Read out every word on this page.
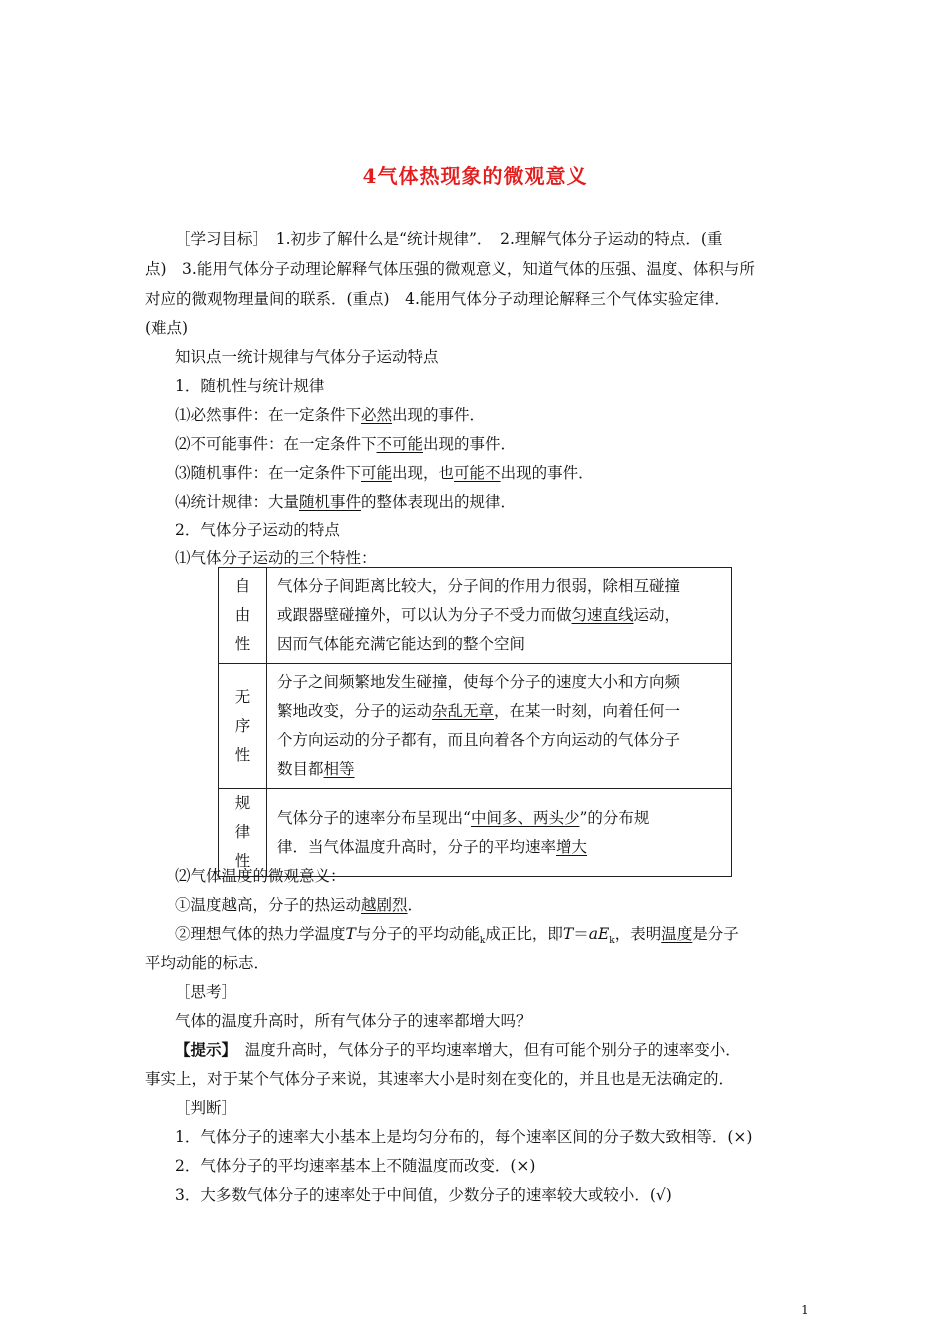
4气体热现象的微观意义
［学习目标］　1.初步了解什么是“统计规律”．　2.理解气体分子运动的特点．(重
点)　3.能用气体分子动理论解释气体压强的微观意义，知道气体的压强、温度、体积与所
对应的微观物理量间的联系．(重点)　4.能用气体分子动理论解释三个气体实验定律．
(难点)
知识点一统计规律与气体分子运动特点
1．随机性与统计规律
⑴必然事件：在一定条件下必然出现的事件．
⑵不可能事件：在一定条件下不可能出现的事件．
⑶随机事件：在一定条件下可能出现，也可能不出现的事件．
⑷统计规律：大量随机事件的整体表现出的规律．
2．气体分子运动的特点
⑴气体分子运动的三个特性：
自
由
性	气体分子间距离比较大，分子间的作用力很弱，除相互碰撞
或跟器壁碰撞外，可以认为分子不受力而做匀速直线运动，
因而气体能充满它能达到的整个空间

无
序
性	分子之间频繁地发生碰撞，使每个分子的速度大小和方向频
繁地改变，分子的运动杂乱无章，在某一时刻，向着任何一
个方向运动的分子都有，而且向着各个方向运动的气体分子
数目都相等

规
律
性	气体分子的速率分布呈现出“中间多、两头少”的分布规
律．当气体温度升高时，分子的平均速率增大
⑵气体温度的微观意义：
①温度越高，分子的热运动越剧烈．
②理想气体的热力学温度T与分子的平均动能$_k$成正比，即$T=aE_k$，表明温度是分子
平均动能的标志．
［思考］
气体的温度升高时，所有气体分子的速率都增大吗？
【提示】　温度升高时，气体分子的平均速率增大，但有可能个别分子的速率变小．
事实上，对于某个气体分子来说，其速率大小是时刻在变化的，并且也是无法确定的．
［判断］
1．气体分子的速率大小基本上是均匀分布的，每个速率区间的分子数大致相等．(×)
2．气体分子的平均速率基本上不随温度而改变．(×)
3．大多数气体分子的速率处于中间值，少数分子的速率较大或较小．(√)
1
